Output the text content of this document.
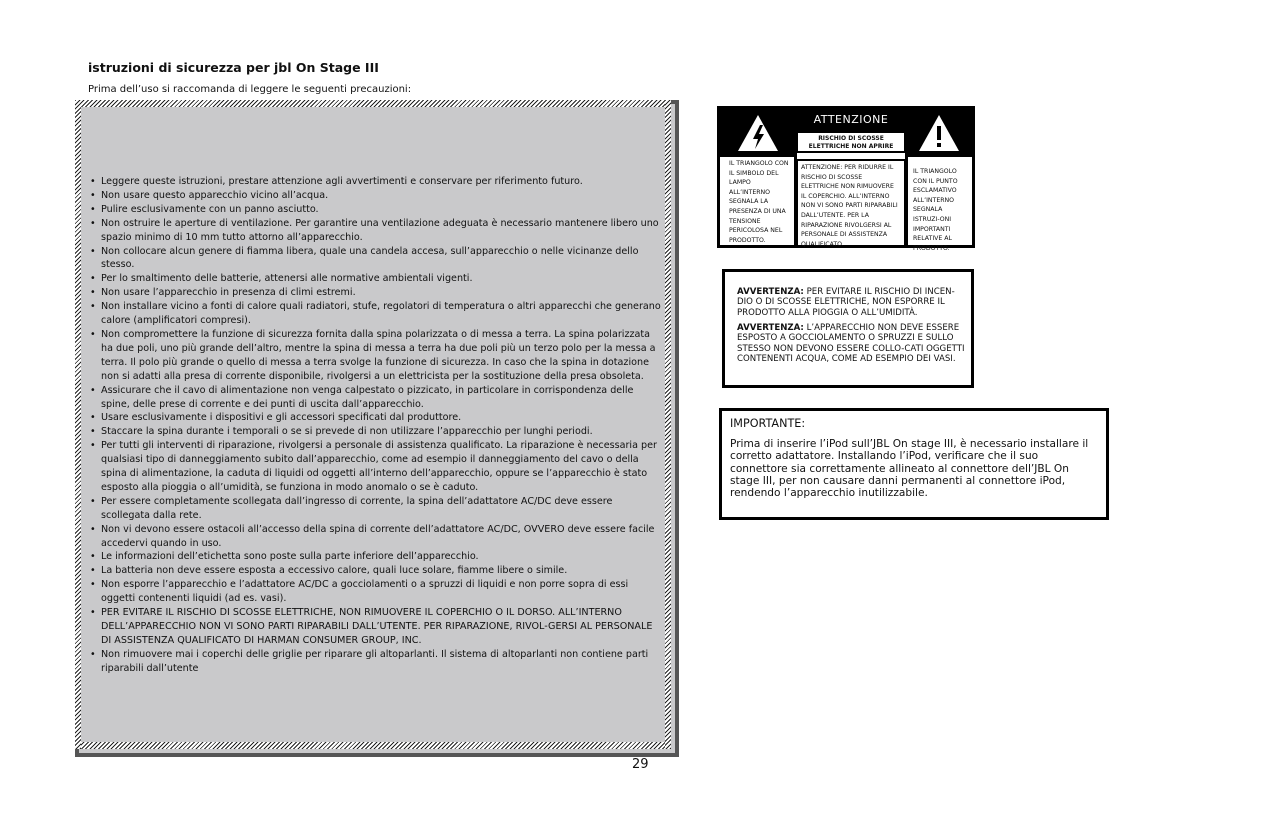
istruzioni di sicurezza per jbl On Stage III
Prima dell’uso si raccomanda di leggere le seguenti precauzioni:
• Leggere queste istruzioni, prestare attenzione agli avvertimenti e conservare per riferimento futuro.
• Non usare questo apparecchio vicino all’acqua.
• Pulire esclusivamente con un panno asciutto.
• Non ostruire le aperture di ventilazione. Per garantire una ventilazione adeguata è necessario mantenere libero uno spazio minimo di 10 mm tutto attorno all’apparecchio.
• Non collocare alcun genere di fiamma libera, quale una candela accesa, sull’apparecchio o nelle vicinanze dello stesso.
• Per lo smaltimento delle batterie, attenersi alle normative ambientali vigenti.
• Non usare l’apparecchio in presenza di climi estremi.
• Non installare vicino a fonti di calore quali radiatori, stufe, regolatori di temperatura o altri apparecchi che generano calore (amplificatori compresi).
• Non compromettere la funzione di sicurezza fornita dalla spina polarizzata o di messa a terra. La spina polarizzata ha due poli, uno più grande dell’altro, mentre la spina di messa a terra ha due poli più un terzo polo per la messa a terra. Il polo più grande o quello di messa a terra svolge la funzione di sicurezza. In caso che la spina in dotazione non si adatti alla presa di corrente disponibile, rivolgersi a un elettricista per la sostituzione della presa obsoleta.
• Assicurare che il cavo di alimentazione non venga calpestato o pizzicato, in particolare in corrispondenza delle spine, delle prese di corrente e dei punti di uscita dall’apparecchio.
• Usare esclusivamente i dispositivi e gli accessori specificati dal produttore.
• Staccare la spina durante i temporali o se si prevede di non utilizzare l’apparecchio per lunghi periodi.
• Per tutti gli interventi di riparazione, rivolgersi a personale di assistenza qualificato. La riparazione è necessaria per qualsiasi tipo di danneggiamento subito dall’apparecchio, come ad esempio il danneggiamento del cavo o della spina di alimentazione, la caduta di liquidi od oggetti all’interno dell’apparecchio, oppure se l’apparecchio è stato esposto alla pioggia o all’umidità, se funziona in modo anomalo o se è caduto.
• Per essere completamente scollegata dall’ingresso di corrente, la spina dell’adattatore AC/DC deve essere scollegata dalla rete.
• Non vi devono essere ostacoli all’accesso della spina di corrente dell’adattatore AC/DC, OVVERO deve essere facile accedervi quando in uso.
• Le informazioni dell’etichetta sono poste sulla parte inferiore dell’apparecchio.
• La batteria non deve essere esposta a eccessivo calore, quali luce solare, fiamme libere o simile.
• Non esporre l’apparecchio e l’adattatore AC/DC a gocciolamenti o a spruzzi di liquidi e non porre sopra di essi oggetti contenenti liquidi (ad es. vasi).
• PER EVITARE IL RISCHIO DI SCOSSE ELETTRICHE, NON RIMUOVERE IL COPERCHIO O IL DORSO. ALL’INTERNO DELL’APPARECCHIO NON VI SONO PARTI RIPARABILI DALL’UTENTE. PER RIPARAZIONE, RIVOL-GERSI AL PERSONALE DI ASSISTENZA QUALIFICATO DI HARMAN CONSUMER GROUP, INC.
• Non rimuovere mai i coperchi delle griglie per riparare gli altoparlanti. Il sistema di altoparlanti non contiene parti riparabili dall’utente
29
ATTENZIONE
RISCHIO DI SCOSSE ELETTRICHE NON APRIRE
IL TRIANGOLO CON IL SIMBOLO DEL LAMPO ALL’INTERNO SEGNALA LA PRESENZA DI UNA TENSIONE PERICOLOSA NEL PRODOTTO.
ATTENZIONE: PER RIDURRE IL RISCHIO DI SCOSSE ELETTRICHE NON RIMUOVERE IL COPERCHIO. ALL’INTERNO NON VI SONO PARTI RIPARABILI DALL’UTENTE. PER LA RIPARAZIONE RIVOLGERSI AL PERSONALE DI ASSISTENZA QUALIFICATO.
IL TRIANGOLO CON IL PUNTO ESCLAMATIVO ALL’INTERNO SEGNALA ISTRUZI-ONI IMPORTANTI RELATIVE AL PRODOTTO.

AVVERTENZA: PER EVITARE IL RISCHIO DI INCEN-DIO O DI SCOSSE ELETTRICHE, NON ESPORRE IL PRODOTTO ALLA PIOGGIA O ALL’UMIDITÀ.

AVVERTENZA: L’APPARECCHIO NON DEVE ESSERE ESPOSTO A GOCCIOLAMENTO O SPRUZZI E SULLO STESSO NON DEVONO ESSERE COLLO-CATI OGGETTI CONTENENTI ACQUA, COME AD ESEMPIO DEI VASI.

IMPORTANTE:
Prima di inserire l’iPod sull’JBL On stage III, è necessario installare il corretto adattatore. Installando l’iPod, verificare che il suo connettore sia correttamente allineato al connettore dell’JBL On stage III, per non causare danni permanenti al connettore iPod, rendendo l’apparecchio inutilizzabile.
